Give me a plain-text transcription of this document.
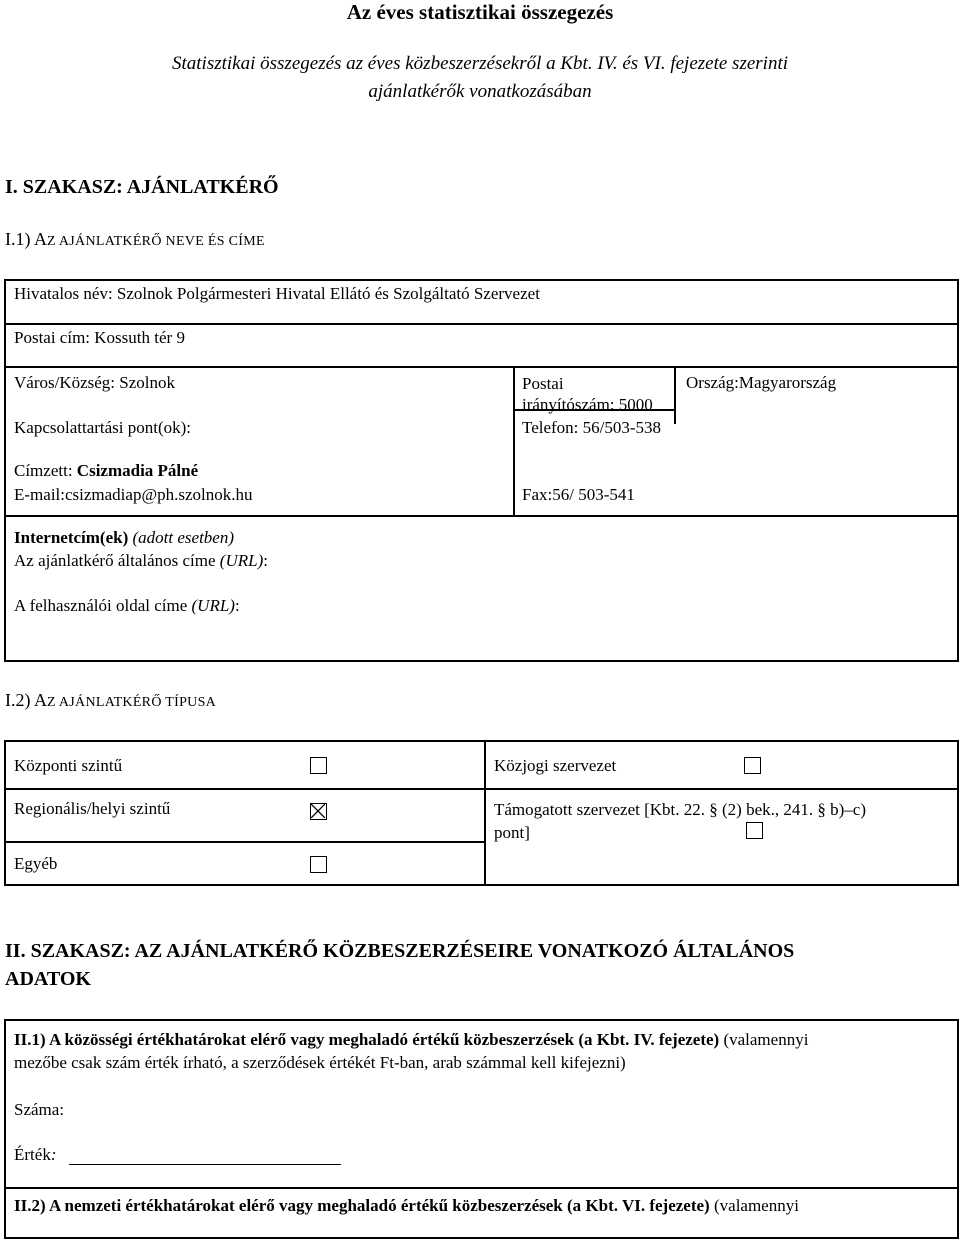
Az éves statisztikai összegezés
Statisztikai összegezés az éves közbeszerzésekről a Kbt. IV. és VI. fejezete szerinti
ajánlatkérők vonatkozásában
I. SZAKASZ: AJÁNLATKÉRŐ
I.1) AZ AJÁNLATKÉRŐ NEVE ÉS CÍME
Hivatalos név: Szolnok Polgármesteri Hivatal Ellátó és Szolgáltató Szervezet
Postai cím: Kossuth tér 9
Város/Község: Szolnok	Postai
irányítószám: 5000
Ország:Magyarország
Kapcsolattartási pont(ok):	Telefon: 56/503-538
Címzett: Csizmadia Pálné
E-mail:csizmadiap@ph.szolnok.hu	Fax:56/ 503-541
Internetcím(ek) (adott esetben)
Az ajánlatkérő általános címe (URL):
A felhasználói oldal címe (URL):
I.2) AZ AJÁNLATKÉRŐ TÍPUSA
Központi szintű	Közjogi szervezet
Regionális/helyi szintű	Támogatott szervezet [Kbt. 22. § (2) bek., 241. § b)–c)
pont]
Egyéb
II. SZAKASZ: AZ AJÁNLATKÉRŐ KÖZBESZERZÉSEIRE VONATKOZÓ ÁLTALÁNOS
ADATOK
II.1) A közösségi értékhatárokat elérő vagy meghaladó értékű közbeszerzések (a Kbt. IV. fejezete) (valamennyi
mezőbe csak szám érték írható, a szerződések értékét Ft-ban, arab számmal kell kifejezni)
Száma:
Érték:
II.2) A nemzeti értékhatárokat elérő vagy meghaladó értékű közbeszerzések (a Kbt. VI. fejezete) (valamennyi
